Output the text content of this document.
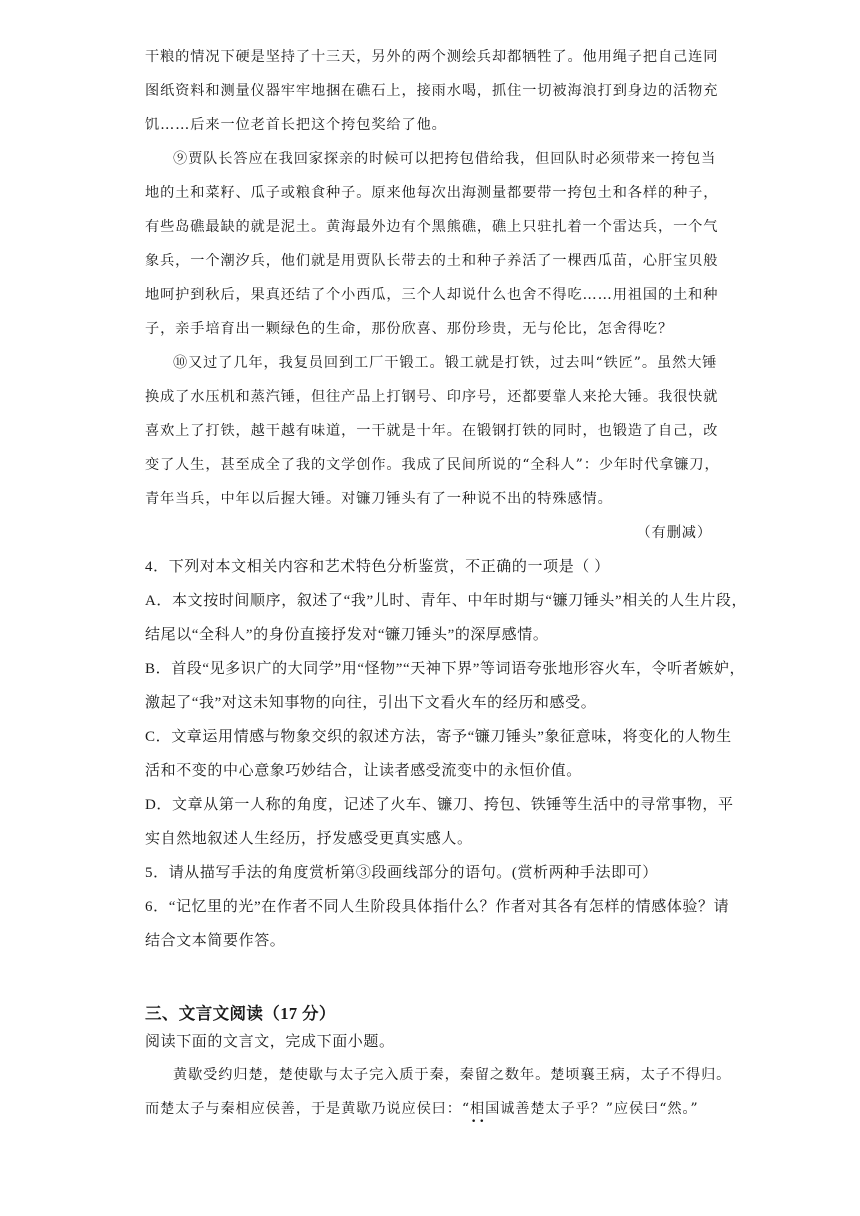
干粮的情况下硬是坚持了十三天，另外的两个测绘兵却都牺牲了。他用绳子把自己连同

图纸资料和测量仪器牢牢地捆在礁石上，接雨水喝，抓住一切被海浪打到身边的活物充

饥……后来一位老首长把这个挎包奖给了他。

⑨贾队长答应在我回家探亲的时候可以把挎包借给我，但回队时必须带来一挎包当

地的土和菜籽、瓜子或粮食种子。原来他每次出海测量都要带一挎包土和各样的种子，

有些岛礁最缺的就是泥土。黄海最外边有个黑熊礁，礁上只驻扎着一个雷达兵，一个气

象兵，一个潮汐兵，他们就是用贾队长带去的土和种子养活了一棵西瓜苗，心肝宝贝般

地呵护到秋后，果真还结了个小西瓜，三个人却说什么也舍不得吃……用祖国的土和种

子，亲手培育出一颗绿色的生命，那份欣喜、那份珍贵，无与伦比，怎舍得吃？

⑩又过了几年，我复员回到工厂干锻工。锻工就是打铁，过去叫“铁匠”。虽然大锤

换成了水压机和蒸汽锤，但往产品上打钢号、印序号，还都要靠人来抡大锤。我很快就

喜欢上了打铁，越干越有味道，一干就是十年。在锻钢打铁的同时，也锻造了自己，改

变了人生，甚至成全了我的文学创作。我成了民间所说的“全科人”：少年时代拿镰刀，

青年当兵，中年以后握大锤。对镰刀锤头有了一种说不出的特殊感情。

（有删减）

4．下列对本文相关内容和艺术特色分析鉴赏，不正确的一项是（ ）

A．本文按时间顺序，叙述了“我”儿时、青年、中年时期与“镰刀锤头”相关的人生片段，

结尾以“全科人”的身份直接抒发对“镰刀锤头”的深厚感情。

B．首段“见多识广的大同学”用“怪物”“天神下界”等词语夸张地形容火车，令听者嫉妒，

激起了“我”对这未知事物的向往，引出下文看火车的经历和感受。

C．文章运用情感与物象交织的叙述方法，寄予“镰刀锤头”象征意味，将变化的人物生

活和不变的中心意象巧妙结合，让读者感受流变中的永恒价值。

D．文章从第一人称的角度，记述了火车、镰刀、挎包、铁锤等生活中的寻常事物，平

实自然地叙述人生经历，抒发感受更真实感人。

5．请从描写手法的角度赏析第③段画线部分的语句。(赏析两种手法即可）

6．“记忆里的光”在作者不同人生阶段具体指什么？作者对其各有怎样的情感体验？请

结合文本简要作答。

三、文言文阅读（17 分）

阅读下面的文言文，完成下面小题。

黄歇受约归楚，楚使歇与太子完入质于秦，秦留之数年。楚顷襄王病，太子不得归。

而楚太子与秦相应侯善，于是黄歇乃说应侯曰：“相国诚善楚太子乎？”应侯曰“然。”

• •
